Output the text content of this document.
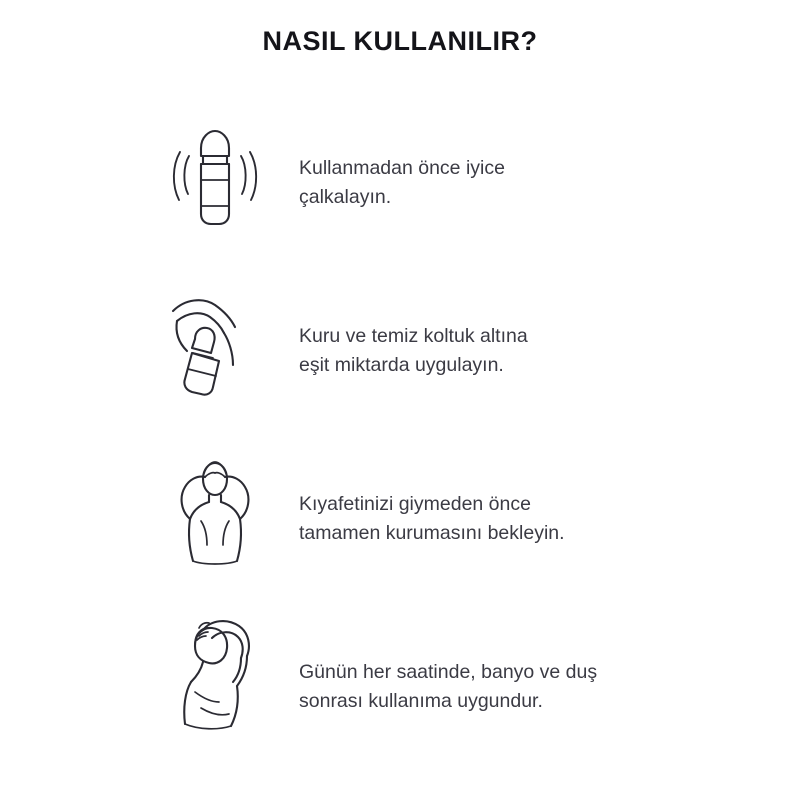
NASIL KULLANILIR?
Kullanmadan önce iyice
çalkalayın.
Kuru ve temiz koltuk altına
eşit miktarda uygulayın.
Kıyafetinizi giymeden önce
tamamen kurumasını bekleyin.
Günün her saatinde, banyo ve duş
sonrası kullanıma uygundur.
